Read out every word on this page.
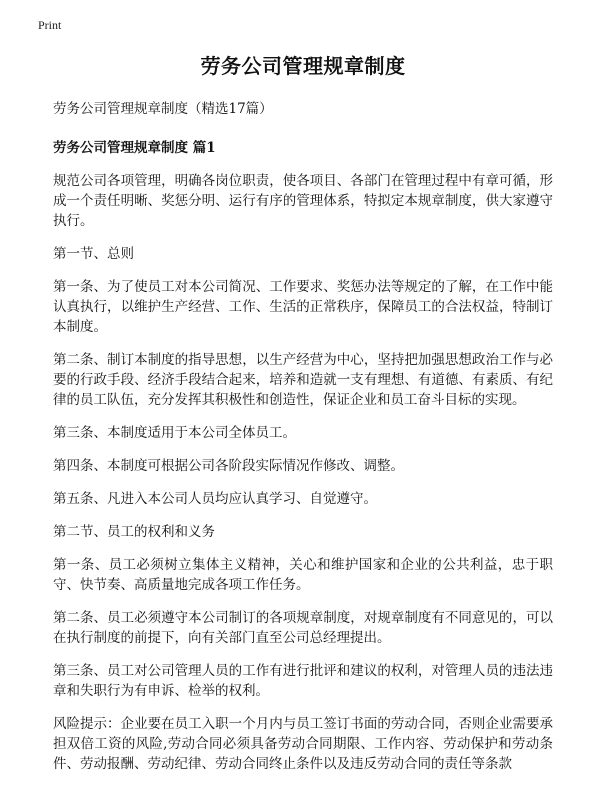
Print
劳务公司管理规章制度
劳务公司管理规章制度（精选17篇）
劳务公司管理规章制度 篇1

规范公司各项管理，明确各岗位职责，使各项目、各部门在管理过程中有章可循，形成一个责任明晰、奖惩分明、运行有序的管理体系，特拟定本规章制度，供大家遵守执行。

第一节、总则

第一条、为了使员工对本公司简况、工作要求、奖惩办法等规定的了解，在工作中能认真执行，以维护生产经营、工作、生活的正常秩序，保障员工的合法权益，特制订本制度。

第二条、制订本制度的指导思想，以生产经营为中心，坚持把加强思想政治工作与必要的行政手段、经济手段结合起来，培养和造就一支有理想、有道德、有素质、有纪律的员工队伍，充分发挥其积极性和创造性，保证企业和员工奋斗目标的实现。

第三条、本制度适用于本公司全体员工。

第四条、本制度可根据公司各阶段实际情况作修改、调整。

第五条、凡进入本公司人员均应认真学习、自觉遵守。

第二节、员工的权利和义务

第一条、员工必须树立集体主义精神，关心和维护国家和企业的公共利益，忠于职守、快节奏、高质量地完成各项工作任务。

第二条、员工必须遵守本公司制订的各项规章制度，对规章制度有不同意见的，可以在执行制度的前提下，向有关部门直至公司总经理提出。

第三条、员工对公司管理人员的工作有进行批评和建议的权利，对管理人员的违法违章和失职行为有申诉、检举的权利。

风险提示：企业要在员工入职一个月内与员工签订书面的劳动合同，否则企业需要承担双倍工资的风险,劳动合同必须具备劳动合同期限、工作内容、劳动保护和劳动条件、劳动报酬、劳动纪律、劳动合同终止条件以及违反劳动合同的责任等条款
